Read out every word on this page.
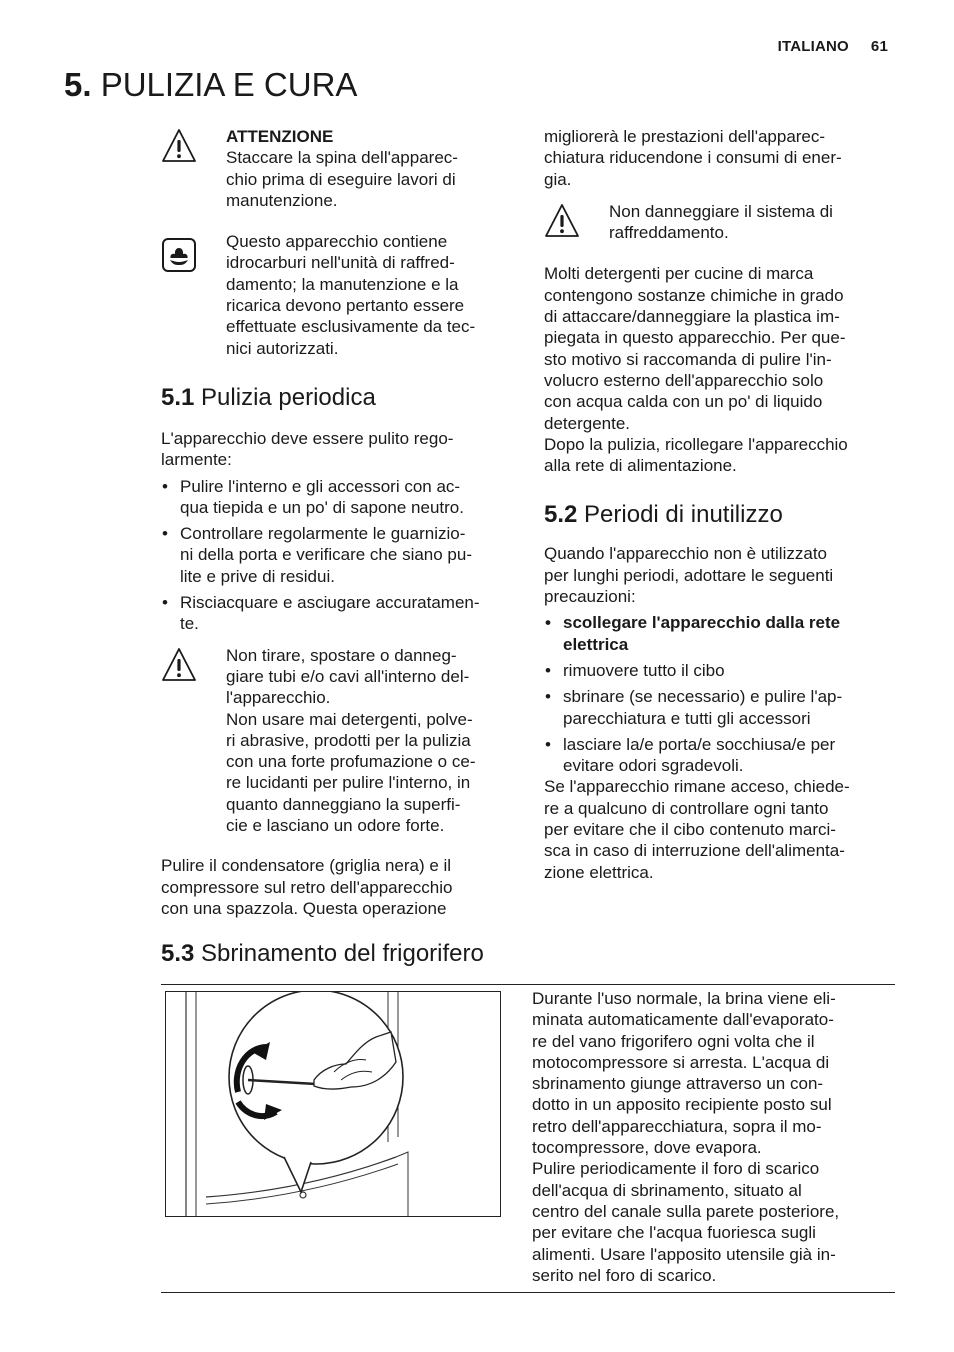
ITALIANO 61
5. PULIZIA E CURA
ATTENZIONE
Staccare la spina dell'apparec-
chio prima di eseguire lavori di
manutenzione.
Questo apparecchio contiene
idrocarburi nell'unità di raffred-
damento; la manutenzione e la
ricarica devono pertanto essere
effettuate esclusivamente da tec-
nici autorizzati.
5.1 Pulizia periodica
L'apparecchio deve essere pulito rego-
larmente:
• Pulire l'interno e gli accessori con ac-
qua tiepida e un po' di sapone neutro.
• Controllare regolarmente le guarnizio-
ni della porta e verificare che siano pu-
lite e prive di residui.
• Risciacquare e asciugare accuratamen-
te.
Non tirare, spostare o danneg-
giare tubi e/o cavi all'interno del-
l'apparecchio.
Non usare mai detergenti, polve-
ri abrasive, prodotti per la pulizia
con una forte profumazione o ce-
re lucidanti per pulire l'interno, in
quanto danneggiano la superfi-
cie e lasciano un odore forte.
Pulire il condensatore (griglia nera) e il
compressore sul retro dell'apparecchio
con una spazzola. Questa operazione
migliorerà le prestazioni dell'apparec-
chiatura riducendone i consumi di ener-
gia.
Non danneggiare il sistema di
raffreddamento.
Molti detergenti per cucine di marca
contengono sostanze chimiche in grado
di attaccare/danneggiare la plastica im-
piegata in questo apparecchio. Per que-
sto motivo si raccomanda di pulire l'in-
volucro esterno dell'apparecchio solo
con acqua calda con un po' di liquido
detergente.
Dopo la pulizia, ricollegare l'apparecchio
alla rete di alimentazione.
5.2 Periodi di inutilizzo
Quando l'apparecchio non è utilizzato
per lunghi periodi, adottare le seguenti
precauzioni:
• scollegare l'apparecchio dalla rete
elettrica
• rimuovere tutto il cibo
• sbrinare (se necessario) e pulire l'ap-
parecchiatura e tutti gli accessori
• lasciare la/e porta/e socchiusa/e per
evitare odori sgradevoli.
Se l'apparecchio rimane acceso, chiede-
re a qualcuno di controllare ogni tanto
per evitare che il cibo contenuto marci-
sca in caso di interruzione dell'alimenta-
zione elettrica.
5.3 Sbrinamento del frigorifero
Durante l'uso normale, la brina viene eli-
minata automaticamente dall'evaporato-
re del vano frigorifero ogni volta che il
motocompressore si arresta. L'acqua di
sbrinamento giunge attraverso un con-
dotto in un apposito recipiente posto sul
retro dell'apparecchiatura, sopra il mo-
tocompressore, dove evapora.
Pulire periodicamente il foro di scarico
dell'acqua di sbrinamento, situato al
centro del canale sulla parete posteriore,
per evitare che l'acqua fuoriesca sugli
alimenti. Usare l'apposito utensile già in-
serito nel foro di scarico.
